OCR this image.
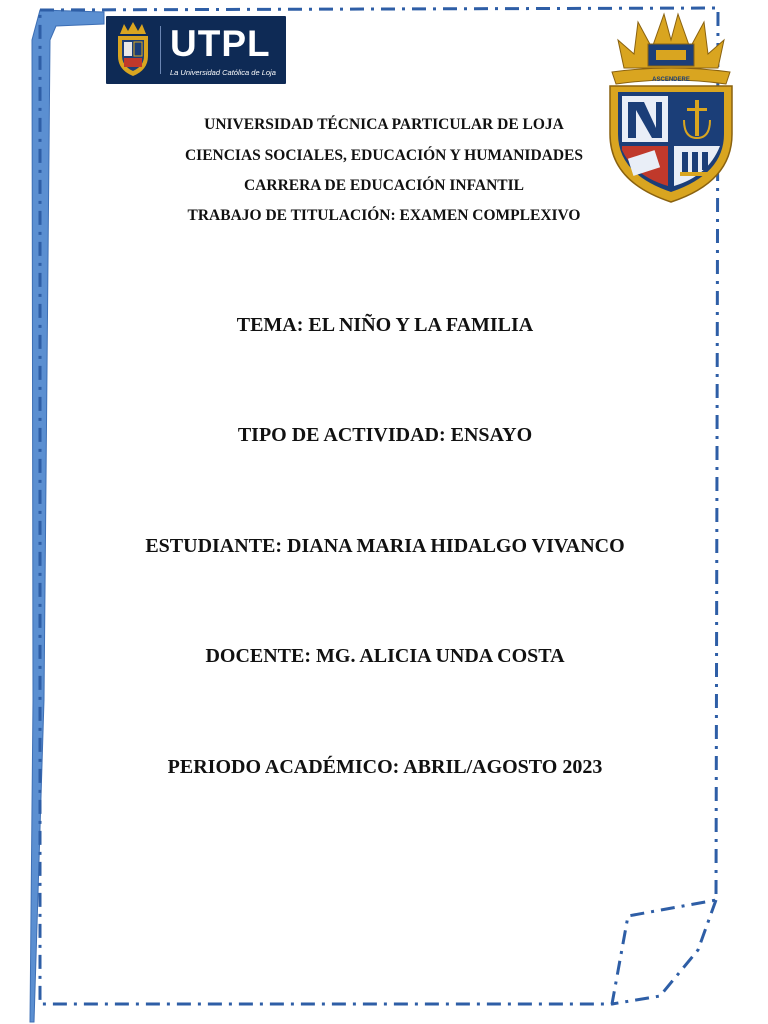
UTPL
La Universidad Católica de Loja
ASCENDERE
UNIVERSIDAD TÉCNICA PARTICULAR DE LOJA
CIENCIAS SOCIALES, EDUCACIÓN Y HUMANIDADES
CARRERA DE EDUCACIÓN INFANTIL
TRABAJO DE TITULACIÓN: EXAMEN COMPLEXIVO
TEMA: EL NIÑO Y LA FAMILIA
TIPO DE ACTIVIDAD: ENSAYO
ESTUDIANTE: DIANA MARIA HIDALGO VIVANCO
DOCENTE: MG. ALICIA UNDA COSTA
PERIODO ACADÉMICO: ABRIL/AGOSTO 2023
